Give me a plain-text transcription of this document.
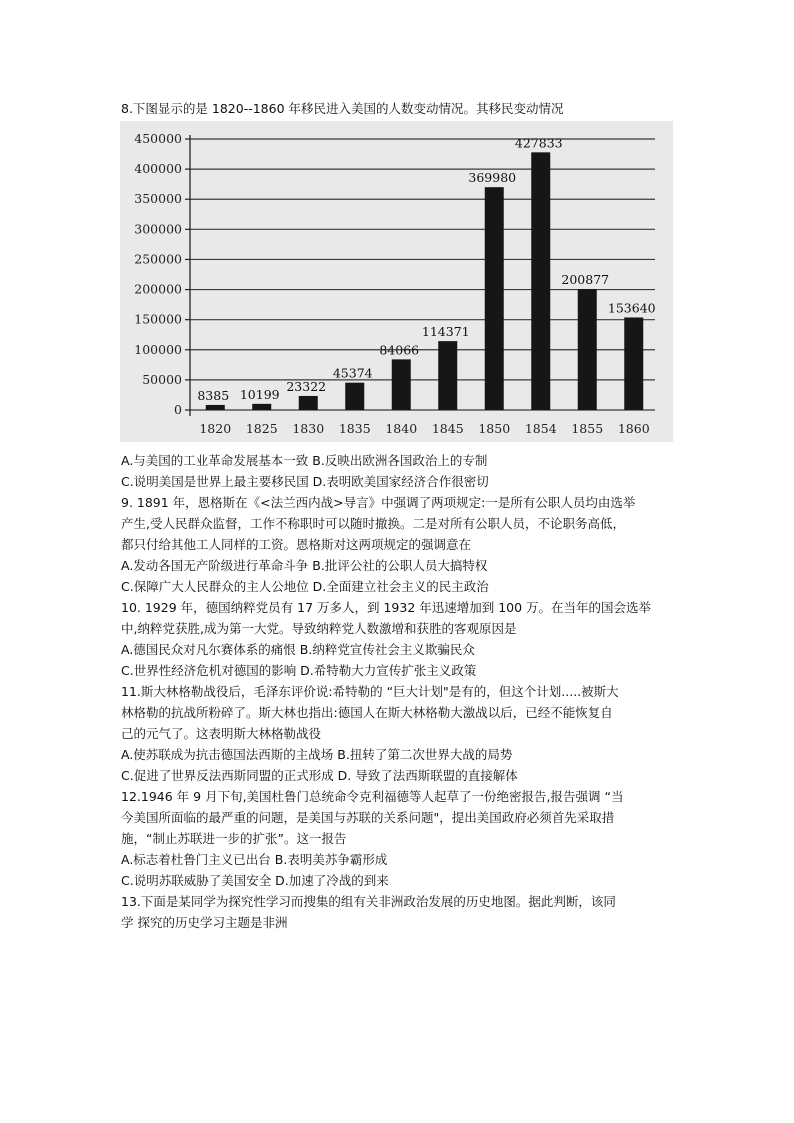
8.下图显示的是 1820--1860 年移民进入美国的人数变动情况。其移民变动情况
0
50000
100000
150000
200000
250000
300000
350000
400000
450000
8385
1820
10199
1825
23322
1830
45374
1835
84066
1840
114371
1845
369980
1850
427833
1854
200877
1855
153640
1860
A.与美国的工业革命发展基本一致 B.反映出欧洲各国政治上的专制
C.说明美国是世界上最主要移民国 D.表明欧美国家经济合作很密切
9. 1891 年，恩格斯在《<法兰西内战>导言》中强调了两项规定:一是所有公职人员均由选举
产生,受人民群众监督，工作不称职时可以随时撤换。二是对所有公职人员，不论职务高低，
都只付给其他工人同样的工资。恩格斯对这两项规定的强调意在
A.发动各国无产阶级进行革命斗争 B.批评公社的公职人员大搞特权
C.保障广大人民群众的主人公地位 D.全面建立社会主义的民主政治
10. 1929 年，德国纳粹党员有 17 万多人，到 1932 年迅速增加到 100 万。在当年的国会选举
中,纳粹党获胜,成为第一大党。导致纳粹党人数激增和获胜的客观原因是
A.德国民众对凡尔赛体系的痛恨 B.纳粹党宣传社会主义欺骗民众
C.世界性经济危机对德国的影响 D.希特勒大力宣传扩张主义政策
11.斯大林格勒战役后，毛泽东评价说:希特勒的 “巨大计划"是有的，但这个计划.....被斯大
林格勒的抗战所粉碎了。斯大林也指出:德国人在斯大林格勒大激战以后，已经不能恢复自
己的元气了。这表明斯大林格勒战役
A.使苏联成为抗击德国法西斯的主战场 B.扭转了第二次世界大战的局势
C.促进了世界反法西斯同盟的正式形成 D. 导致了法西斯联盟的直接解体
12.1946 年 9 月下旬,美国杜鲁门总统命令克利福德等人起草了一份绝密报告,报告强调 “当
今美国所面临的最严重的问题，是美国与苏联的关系问题"，提出美国政府必须首先采取措
施，“制止苏联进一步的扩张”。这一报告
A.标志着杜鲁门主义已出台 B.表明美苏争霸形成
C.说明苏联威胁了美国安全 D.加速了冷战的到来
13.下面是某同学为探究性学习而搜集的组有关非洲政治发展的历史地图。据此判断，该同
学 探究的历史学习主题是非洲
